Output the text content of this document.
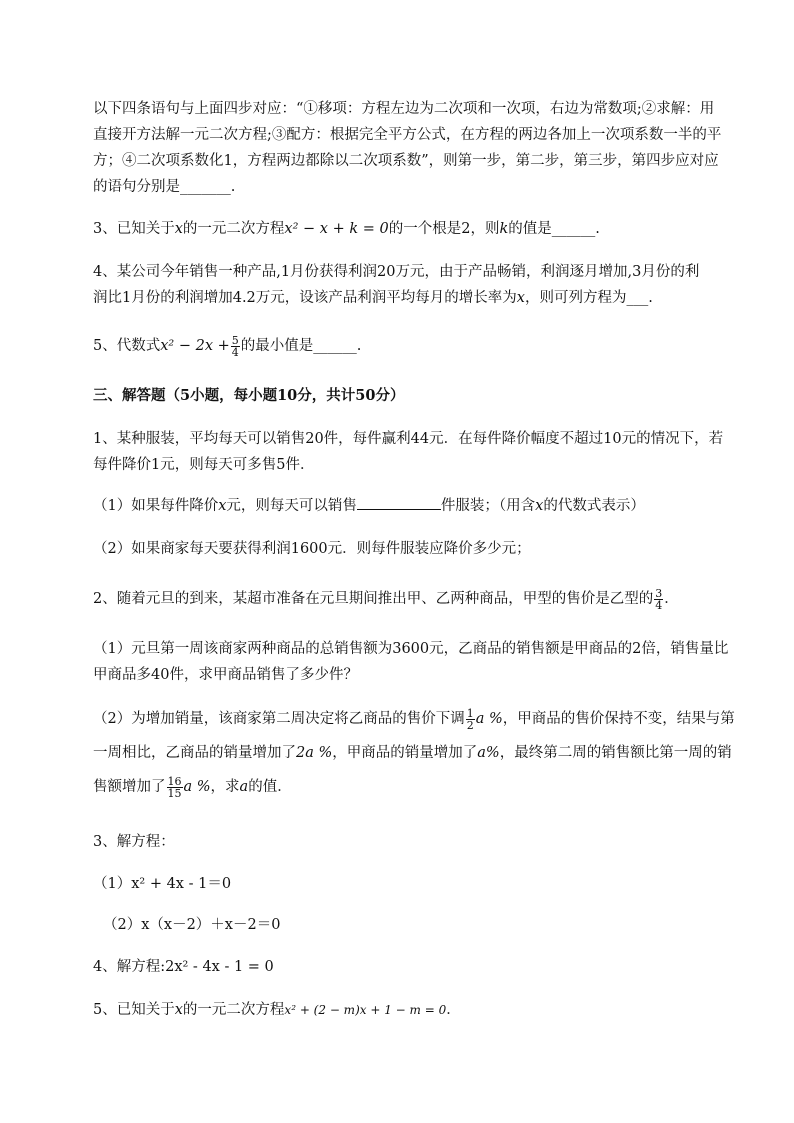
以下四条语句与上面四步对应：“①移项：方程左边为二次项和一次项，右边为常数项;②求解：用
直接开方法解一元二次方程;③配方：根据完全平方公式，在方程的两边各加上一次项系数一半的平
方；④二次项系数化1，方程两边都除以二次项系数”，则第一步，第二步，第三步，第四步应对应
的语句分别是_______.
3、已知关于x的一元二次方程x² − x + k = 0的一个根是2，则k的值是______.
4、某公司今年销售一种产品,1月份获得利润20万元，由于产品畅销，利润逐月增加,3月份的利
润比1月份的利润增加4.2万元，设该产品利润平均每月的增长率为x，则可列方程为___.
5、代数式$x^2 - 2x + \frac{5}{4}$ 的最小值是______.
三、解答题（5小题，每小题10分，共计50分）
1、某种服装，平均每天可以销售20件，每件赢利44元．在每件降价幅度不超过10元的情况下，若
每件降价1元，则每天可多售5件．
（1）如果每件降价x元，则每天可以销售	件服装；（用含x的代数式表示）
（2）如果商家每天要获得利润1600元．则每件服装应降价多少元；
2、随着元旦的到来，某超市准备在元旦期间推出甲、乙两种商品，甲型的售价是乙型的 $\frac{3}{4}$ ．
（1）元旦第一周该商家两种商品的总销售额为3600元，乙商品的销售额是甲商品的2倍，销售量比
甲商品多40件，求甲商品销售了多少件？
（2）为增加销量，该商家第二周决定将乙商品的售价下调 $\frac{1}{2}$ a %，甲商品的售价保持不变，结果与第
一周相比，乙商品的销量增加了2a %，甲商品的销量增加了a%，最终第二周的销售额比第一周的销
售额增加了 $\frac{16}{15}$ a %，求a的值．
3、解方程：
（1）x² + 4x - 1＝0
（2）x（x－2）＋x－2＝0
4、解方程:2x² - 4x - 1 = 0
5、已知关于x的一元二次方程x² + (2 − m)x + 1 − m = 0．
